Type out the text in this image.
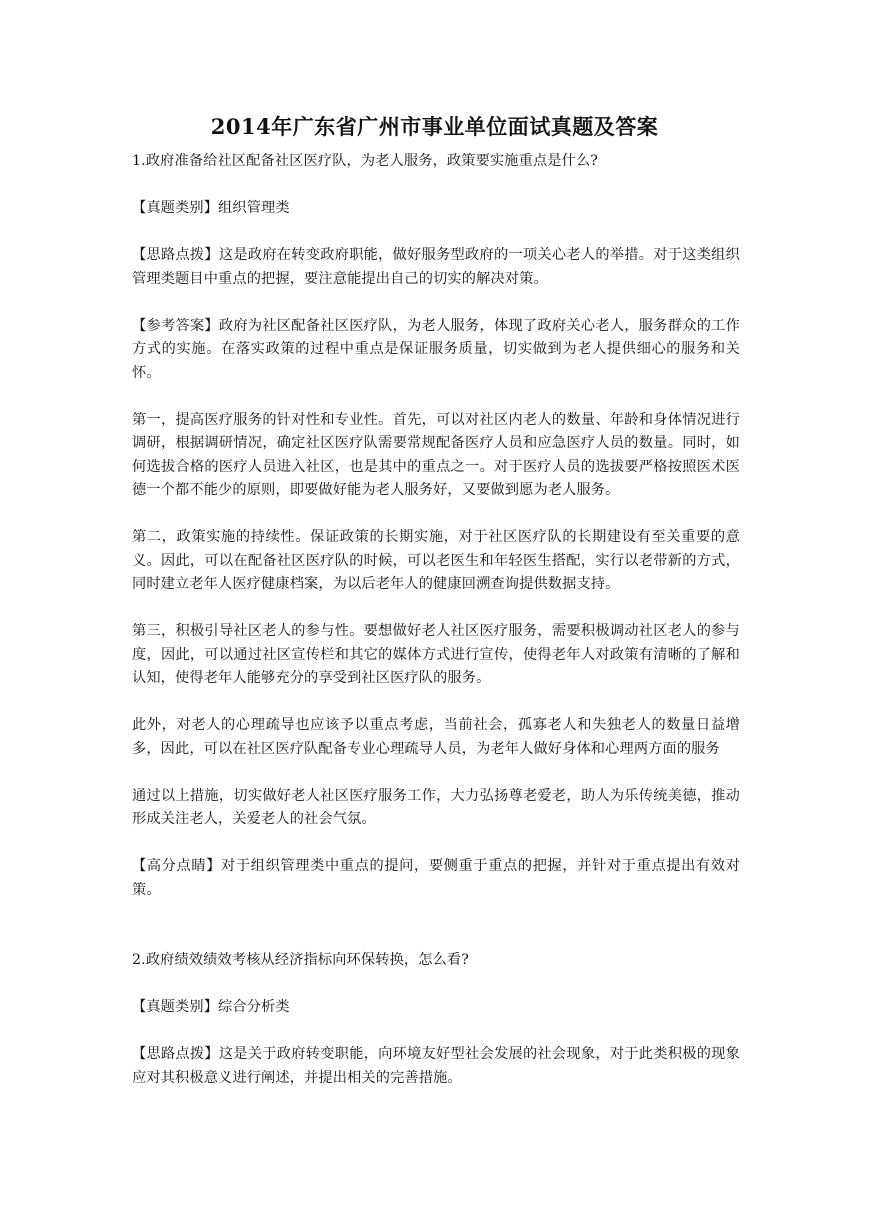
2014年广东省广州市事业单位面试真题及答案

1.政府准备给社区配备社区医疗队，为老人服务，政策要实施重点是什么?

【真题类别】组织管理类

【思路点拨】这是政府在转变政府职能，做好服务型政府的一项关心老人的举措。对于这类组织管理类题目中重点的把握，要注意能提出自己的切实的解决对策。

【参考答案】政府为社区配备社区医疗队，为老人服务，体现了政府关心老人，服务群众的工作方式的实施。在落实政策的过程中重点是保证服务质量，切实做到为老人提供细心的服务和关怀。

第一，提高医疗服务的针对性和专业性。首先，可以对社区内老人的数量、年龄和身体情况进行调研，根据调研情况，确定社区医疗队需要常规配备医疗人员和应急医疗人员的数量。同时，如何选拔合格的医疗人员进入社区，也是其中的重点之一。对于医疗人员的选拔要严格按照医术医德一个都不能少的原则，即要做好能为老人服务好，又要做到愿为老人服务。

第二，政策实施的持续性。保证政策的长期实施，对于社区医疗队的长期建设有至关重要的意义。因此，可以在配备社区医疗队的时候，可以老医生和年轻医生搭配，实行以老带新的方式，同时建立老年人医疗健康档案，为以后老年人的健康回溯查询提供数据支持。

第三，积极引导社区老人的参与性。要想做好老人社区医疗服务，需要积极调动社区老人的参与度，因此，可以通过社区宣传栏和其它的媒体方式进行宣传，使得老年人对政策有清晰的了解和认知，使得老年人能够充分的享受到社区医疗队的服务。

此外，对老人的心理疏导也应该予以重点考虑，当前社会，孤寡老人和失独老人的数量日益增多，因此，可以在社区医疗队配备专业心理疏导人员，为老年人做好身体和心理两方面的服务

通过以上措施，切实做好老人社区医疗服务工作，大力弘扬尊老爱老，助人为乐传统美德，推动形成关注老人，关爱老人的社会气氛。

【高分点睛】对于组织管理类中重点的提问，要侧重于重点的把握，并针对于重点提出有效对策。

2.政府绩效绩效考核从经济指标向环保转换，怎么看?

【真题类别】综合分析类

【思路点拨】这是关于政府转变职能，向环境友好型社会发展的社会现象，对于此类积极的现象应对其积极意义进行阐述，并提出相关的完善措施。
